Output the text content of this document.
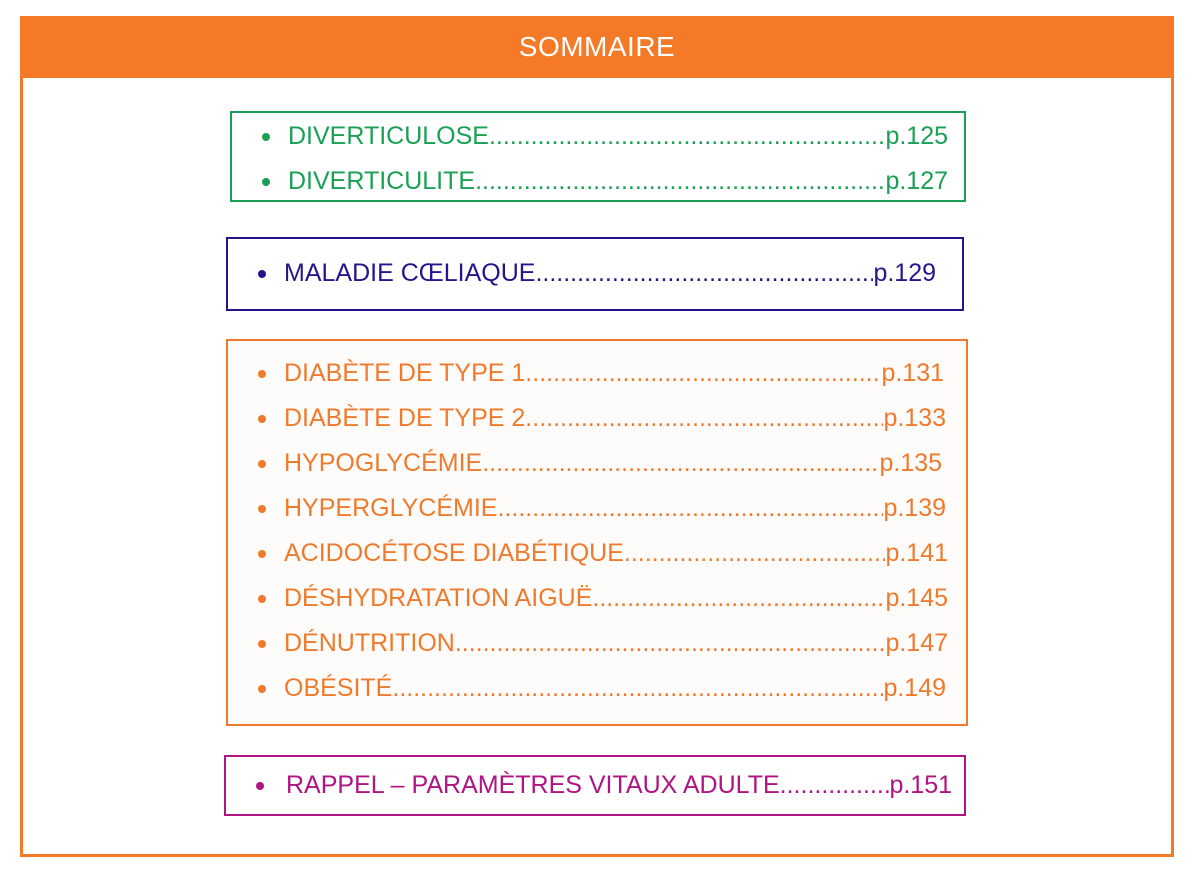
SOMMAIRE
DIVERTICULOSE .....	p.125
DIVERTICULITE .....	p.127
MALADIE CŒLIAQUE .....	p.129
DIABÈTE DE TYPE 1 .....	p.131
DIABÈTE DE TYPE 2 .....	p.133
HYPOGLYCÉMIE .....	p.135
HYPERGLYCÉMIE .....	p.139
ACIDOCÉTOSE DIABÉTIQUE .....	p.141
DÉSHYDRATATION AIGUË .....	p.145
DÉNUTRITION .....	p.147
OBÉSITÉ .....	p.149
RAPPEL – PARAMÈTRES VITAUX ADULTE .....	p.151
